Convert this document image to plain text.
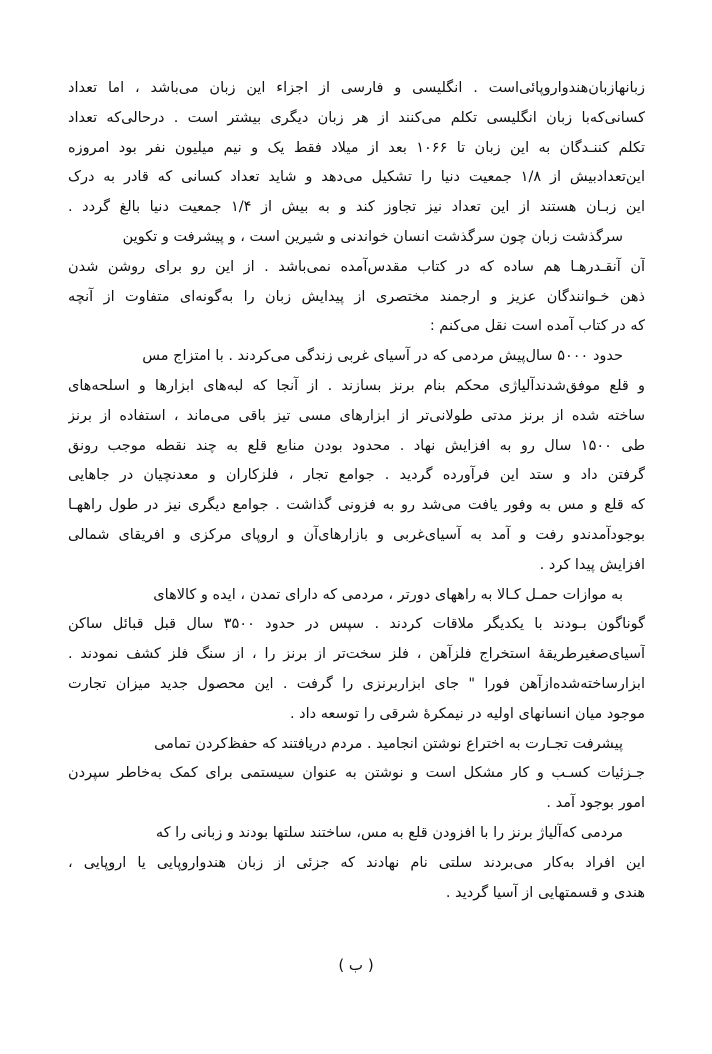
زبانهازبان‌هندواروپائی‌است . انگلیسی و فارسی از اجزاء این زبان می‌باشد ، اما تعداد
کسانی‌که‌با زبان انگلیسی تکلم می‌کنند از هر زبان دیگری بیشتر است . درحالی‌که تعداد
تکلم کننـدگان به این زبان تا ۱۰۶۶ بعد از میلاد فقط یک و نیم میلیون نفر بود امروزه
این‌تعدادبیش از ۱/۸ جمعیت دنیا را تشکیل می‌دهد و شاید تعداد کسانی که قادر به درک
این زبـان هستند از این تعداد نیز تجاوز کند و به بیش از ۱/۴ جمعیت دنیا بالغ گردد .
سرگذشت زبان چون سرگذشت انسان خواندنی و شیرین است ، و پیشرفت و تکوین
آن آنقـدرهـا هم ساده که در کتاب مقدس‌آمده نمی‌باشد . از این رو برای روشن شدن
ذهن خـوانندگان عزیز و ارجمند مختصری از پیدایش زبان را به‌گونه‌ای متفاوت از آنچه
که در کتاب آمده است نقل می‌کنم :
حدود ۵۰۰۰ سال‌پیش مردمی که در آسیای غربی زندگی می‌کردند . با امتزاج مس
و قلع موفق‌شدندآلیاژی محکم بنام برنز بسازند . از آنجا که لبه‌های ابزارها و اسلحه‌های
ساخته شده از برنز مدتی طولانی‌تر از ابزارهای مسی تیز باقی می‌ماند ، استفاده از برنز
طی ۱۵۰۰ سال رو به افزایش نهاد . محدود بودن منابع قلع به چند نقطه موجب رونق
گرفتن داد و ستد این فرآورده گردید . جوامع تجار ، فلزکاران و معدنچیان در جاهایی
که قلع و مس به وفور یافت می‌شد رو به فزونی گذاشت . جوامع دیگری نیز در طول راههـا
بوجودآمدندو رفت و آمد به آسیای‌غربی و بازارهای‌آن و اروپای مرکزی و افریقای شمالی
افزایش پیدا کرد .
به موازات حمـل کـالا به راههای دورتر ، مردمی که دارای تمدن ، ایده و کالاهای
گوناگون بـودند با یکدیگر ملاقات کردند . سپس در حدود ۳۵۰۰ سال قبل قبائل ساکن
آسیای‌صغیرطریقه‌ٔ استخراج فلزآهن ، فلز سخت‌تر از برنز را ، از سنگ فلز کشف نمودند .
ابزارساخته‌شده‌ازآهن فورا " جای ابزاربرنزی را گرفت . این محصول جدید میزان تجارت
موجود میان انسانهای اولیه در نیمکرهٔ شرقی را توسعه داد .
پیشرفت تجـارت به اختراع نوشتن انجامید . مردم دریافتند که حفظ‌کردن تمامی
جـزئیات کسـب و کار مشکل است و نوشتن به عنوان سیستمی برای کمک به‌خاطر سپردن
امور بوجود آمد .
مردمی که‌آلیاژ برنز را با افزودن قلع به مس، ساختند سلتها بودند و زبانی را که
این افراد به‌کار می‌بردند سلتی نام نهادند که جزئی از زبان هندواروپایی یا اروپایی ،
هندی و قسمتهایی از آسیا گردید .
( ب )
